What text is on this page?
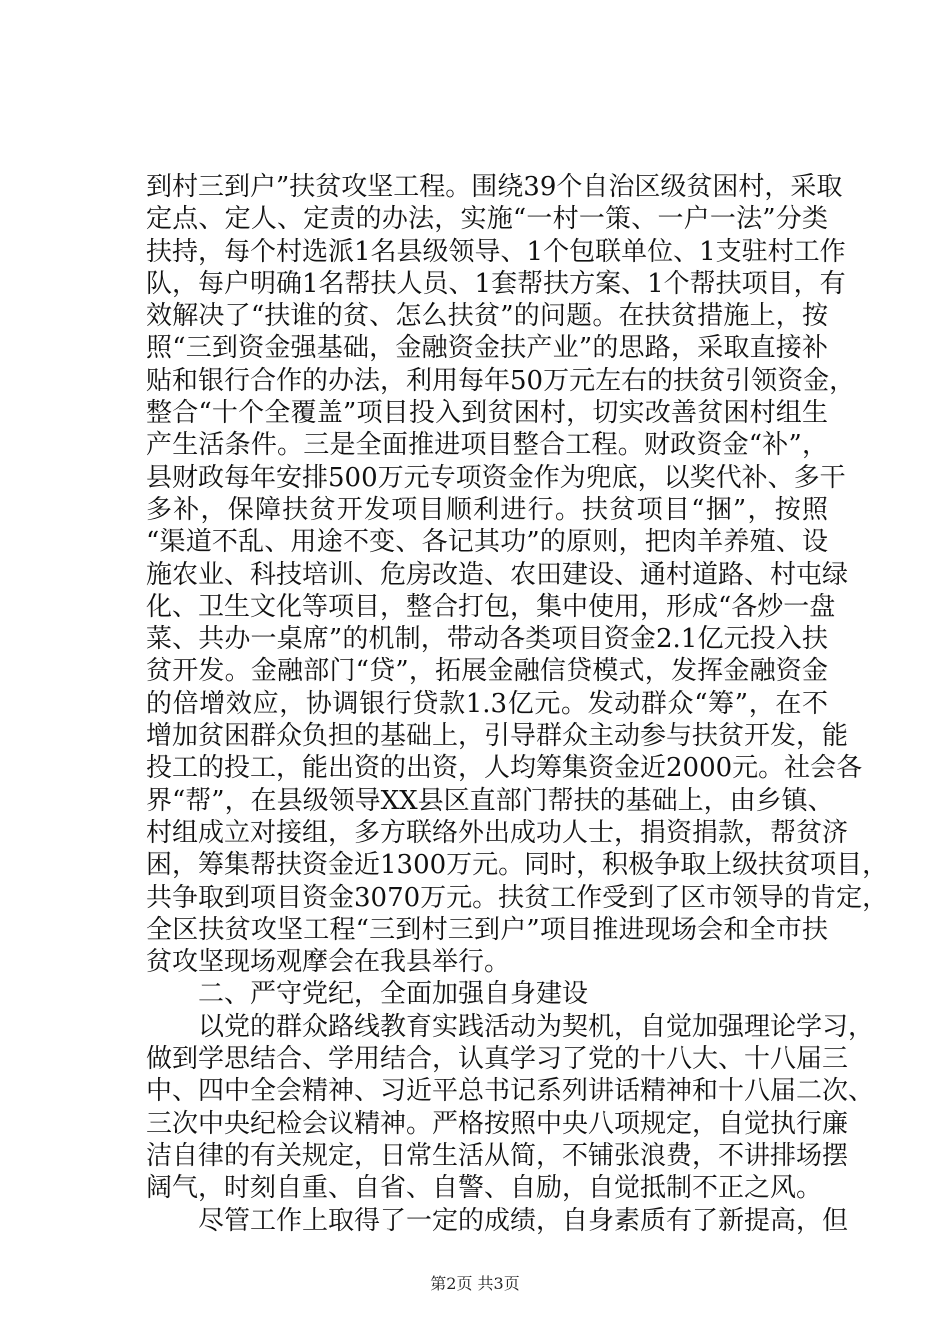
到村三到户”扶贫攻坚工程。围绕39个自治区级贫困村，采取
定点、定人、定责的办法，实施“一村一策、一户一法”分类
扶持，每个村选派1名县级领导、1个包联单位、1支驻村工作
队，每户明确1名帮扶人员、1套帮扶方案、1个帮扶项目，有
效解决了“扶谁的贫、怎么扶贫”的问题。在扶贫措施上，按
照“三到资金强基础，金融资金扶产业”的思路，采取直接补
贴和银行合作的办法，利用每年50万元左右的扶贫引领资金，
整合“十个全覆盖”项目投入到贫困村，切实改善贫困村组生
产生活条件。三是全面推进项目整合工程。财政资金“补”，
县财政每年安排500万元专项资金作为兜底，以奖代补、多干
多补，保障扶贫开发项目顺利进行。扶贫项目“捆”，按照
“渠道不乱、用途不变、各记其功”的原则，把肉羊养殖、设
施农业、科技培训、危房改造、农田建设、通村道路、村屯绿
化、卫生文化等项目，整合打包，集中使用，形成“各炒一盘
菜、共办一桌席”的机制，带动各类项目资金2.1亿元投入扶
贫开发。金融部门“贷”，拓展金融信贷模式，发挥金融资金
的倍增效应，协调银行贷款1.3亿元。发动群众“筹”，在不
增加贫困群众负担的基础上，引导群众主动参与扶贫开发，能
投工的投工，能出资的出资，人均筹集资金近2000元。社会各
界“帮”，在县级领导XX县区直部门帮扶的基础上，由乡镇、
村组成立对接组，多方联络外出成功人士，捐资捐款，帮贫济
困，筹集帮扶资金近1300万元。同时，积极争取上级扶贫项目，
共争取到项目资金3070万元。扶贫工作受到了区市领导的肯定，
全区扶贫攻坚工程“三到村三到户”项目推进现场会和全市扶
贫攻坚现场观摩会在我县举行。
二、严守党纪，全面加强自身建设
以党的群众路线教育实践活动为契机，自觉加强理论学习，
做到学思结合、学用结合，认真学习了党的十八大、十八届三
中、四中全会精神、习近平总书记系列讲话精神和十八届二次、
三次中央纪检会议精神。严格按照中央八项规定，自觉执行廉
洁自律的有关规定，日常生活从简，不铺张浪费，不讲排场摆
阔气，时刻自重、自省、自警、自励，自觉抵制不正之风。
尽管工作上取得了一定的成绩，自身素质有了新提高，但
第2页 共3页
